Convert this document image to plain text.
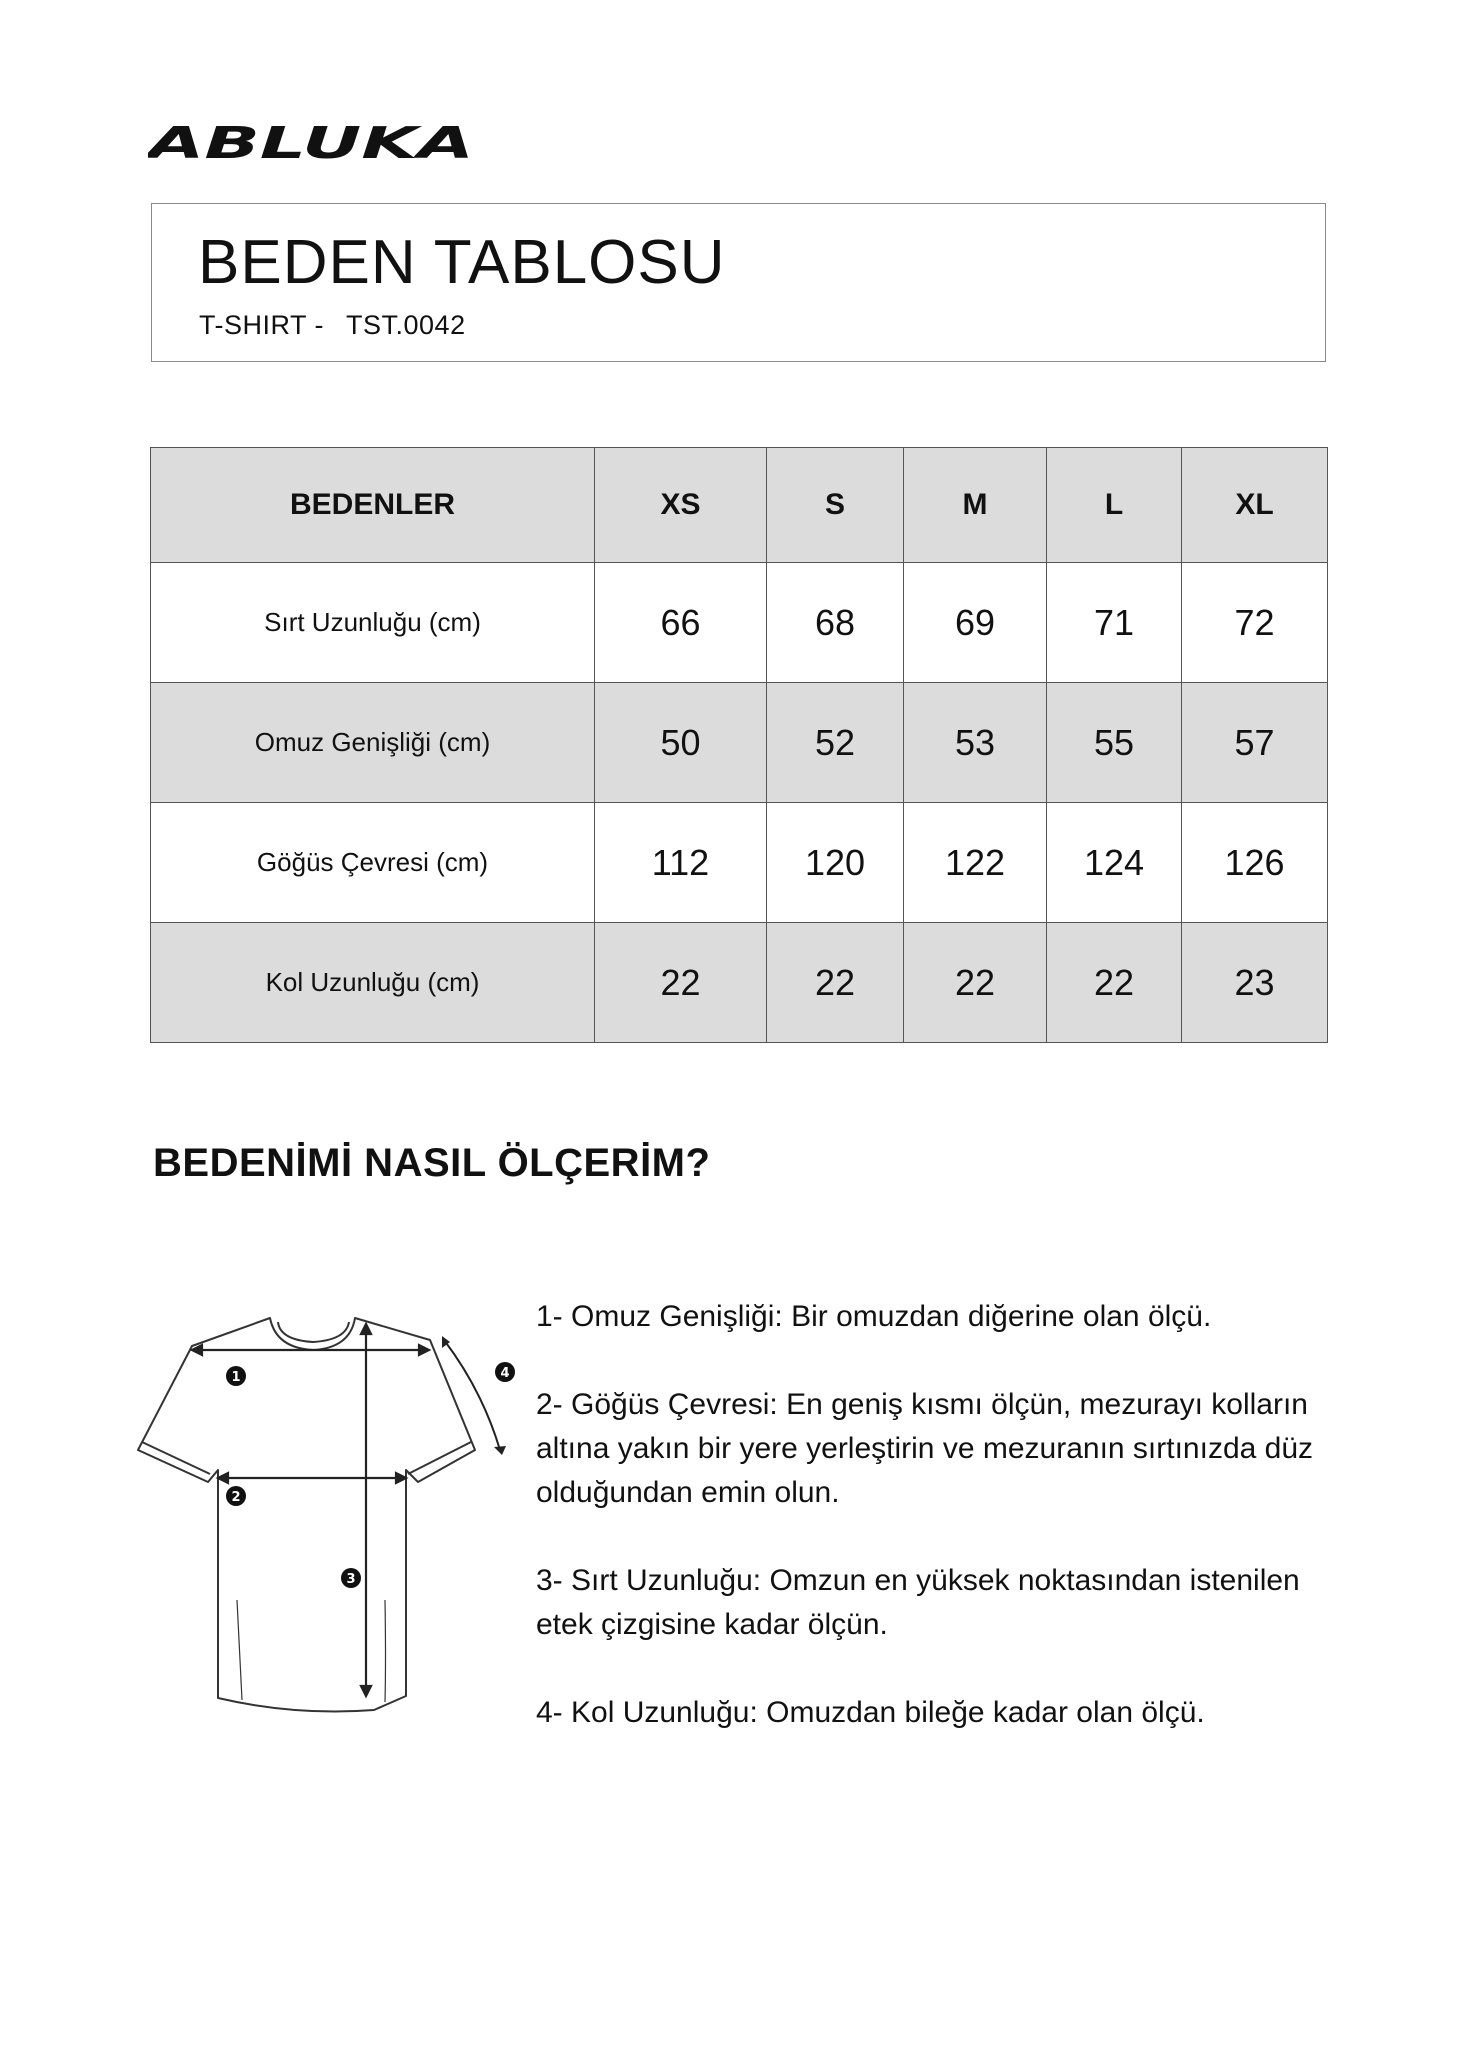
ABLUKA
BEDEN TABLOSU
T-SHIRT - TST.0042
BEDENLER	XS	S	M	L	XL
Sırt Uzunluğu (cm)	66	68	69	71	72
Omuz Genişliği (cm)	50	52	53	55	57
Göğüs Çevresi (cm)	112	120	122	124	126
Kol Uzunluğu (cm)	22	22	22	22	23
BEDENİMİ NASIL ÖLÇERİM?
1
2
3
4

1- Omuz Genişliği: Bir omuzdan diğerine olan ölçü.

2- Göğüs Çevresi: En geniş kısmı ölçün, mezurayı kolların altına yakın bir yere yerleştirin ve mezuranın sırtınızda düz olduğundan emin olun.

3- Sırt Uzunluğu: Omzun en yüksek noktasından istenilen etek çizgisine kadar ölçün.

4- Kol Uzunluğu: Omuzdan bileğe kadar olan ölçü.
